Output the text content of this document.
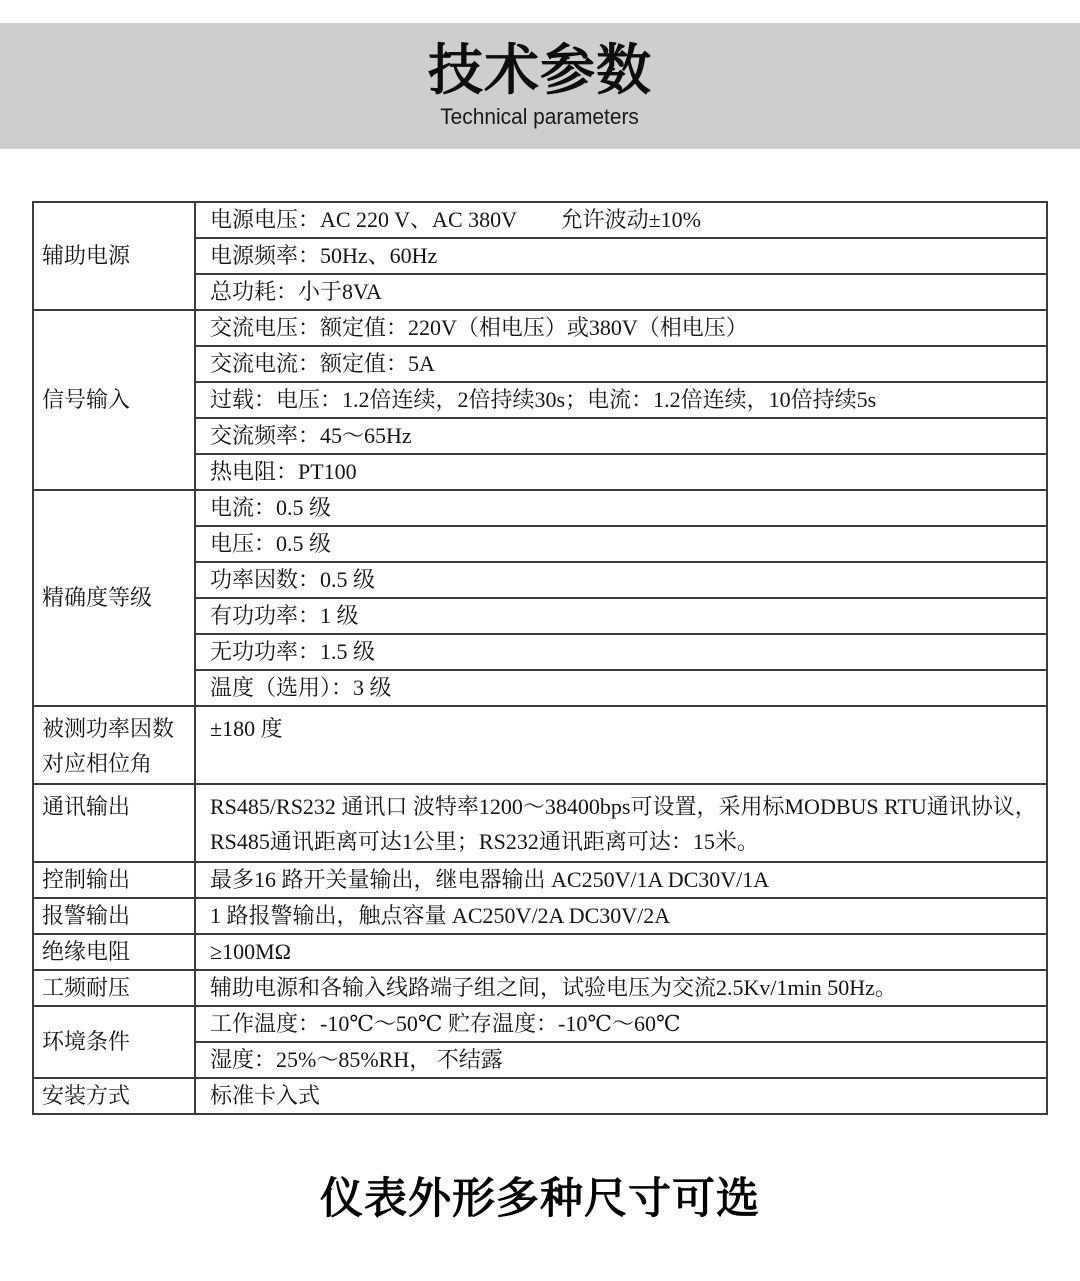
技术参数
Technical parameters
辅助电源	电源电压：AC 220 V、AC 380V　　允许波动±10%
	电源频率：50Hz、60Hz
	总功耗：小于8VA
信号输入	交流电压：额定值：220V（相电压）或380V（相电压）
	交流电流：额定值：5A
	过载：电压：1.2倍连续，2倍持续30s；电流：1.2倍连续，10倍持续5s
	交流频率：45～65Hz
	热电阻：PT100
精确度等级	电流：0.5 级
	电压：0.5 级
	功率因数：0.5 级
	有功功率：1 级
	无功功率：1.5 级
	温度（选用）：3 级

被测功率因数
对应相位角	±180 度
通讯输出	RS485/RS232 通讯口 波特率1200～38400bps可设置，采用标MODBUS RTU通讯协议，RS485通讯距离可达1公里；RS232通讯距离可达：15米。
控制输出	最多16 路开关量输出，继电器输出 AC250V/1A DC30V/1A
报警输出	1 路报警输出，触点容量 AC250V/2A DC30V/2A
绝缘电阻	≥100MΩ
工频耐压	辅助电源和各输入线路端子组之间，试验电压为交流2.5Kv/1min 50Hz。
环境条件	工作温度：-10℃～50℃ 贮存温度：-10℃～60℃
	湿度：25%～85%RH， 不结露
安装方式	标准卡入式
仪表外形多种尺寸可选
